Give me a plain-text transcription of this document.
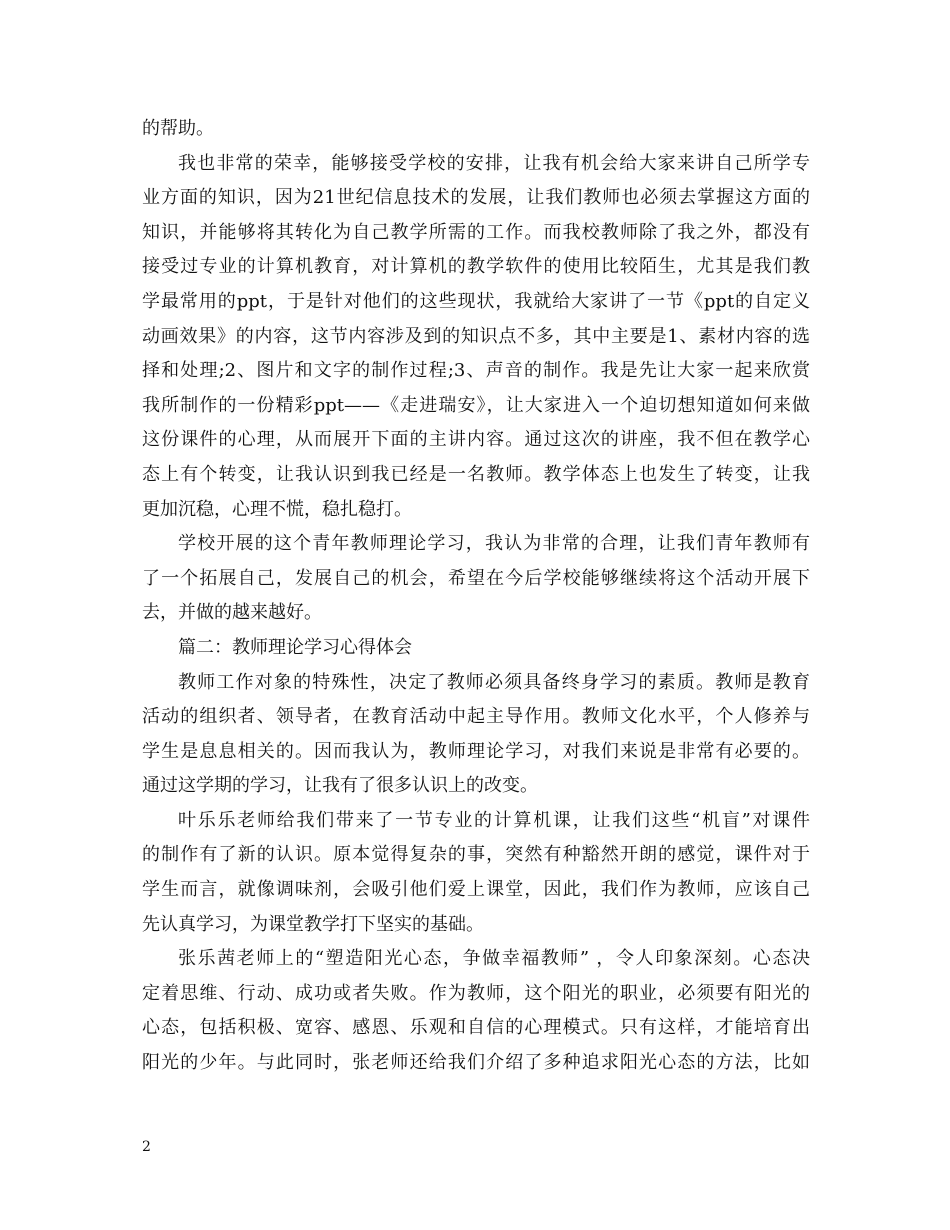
的帮助。
我也非常的荣幸，能够接受学校的安排，让我有机会给大家来讲自己所学专
业方面的知识，因为21世纪信息技术的发展，让我们教师也必须去掌握这方面的
知识，并能够将其转化为自己教学所需的工作。而我校教师除了我之外，都没有
接受过专业的计算机教育，对计算机的教学软件的使用比较陌生，尤其是我们教
学最常用的ppt，于是针对他们的这些现状，我就给大家讲了一节《ppt的自定义
动画效果》的内容，这节内容涉及到的知识点不多，其中主要是1、素材内容的选
择和处理;2、图片和文字的制作过程;3、声音的制作。我是先让大家一起来欣赏
我所制作的一份精彩ppt——《走进瑞安》，让大家进入一个迫切想知道如何来做
这份课件的心理，从而展开下面的主讲内容。通过这次的讲座，我不但在教学心
态上有个转变，让我认识到我已经是一名教师。教学体态上也发生了转变，让我
更加沉稳，心理不慌，稳扎稳打。
学校开展的这个青年教师理论学习，我认为非常的合理，让我们青年教师有
了一个拓展自己，发展自己的机会，希望在今后学校能够继续将这个活动开展下
去，并做的越来越好。
篇二：教师理论学习心得体会
教师工作对象的特殊性，决定了教师必须具备终身学习的素质。教师是教育
活动的组织者、领导者，在教育活动中起主导作用。教师文化水平，个人修养与
学生是息息相关的。因而我认为，教师理论学习，对我们来说是非常有必要的。
通过这学期的学习，让我有了很多认识上的改变。
叶乐乐老师给我们带来了一节专业的计算机课，让我们这些“机盲”对课件
的制作有了新的认识。原本觉得复杂的事，突然有种豁然开朗的感觉，课件对于
学生而言，就像调味剂，会吸引他们爱上课堂，因此，我们作为教师，应该自己
先认真学习，为课堂教学打下坚实的基础。
张乐茜老师上的“塑造阳光心态，争做幸福教师” ，令人印象深刻。心态决
定着思维、行动、成功或者失败。作为教师，这个阳光的职业，必须要有阳光的
心态，包括积极、宽容、感恩、乐观和自信的心理模式。只有这样，才能培育出
阳光的少年。与此同时，张老师还给我们介绍了多种追求阳光心态的方法，比如
2
